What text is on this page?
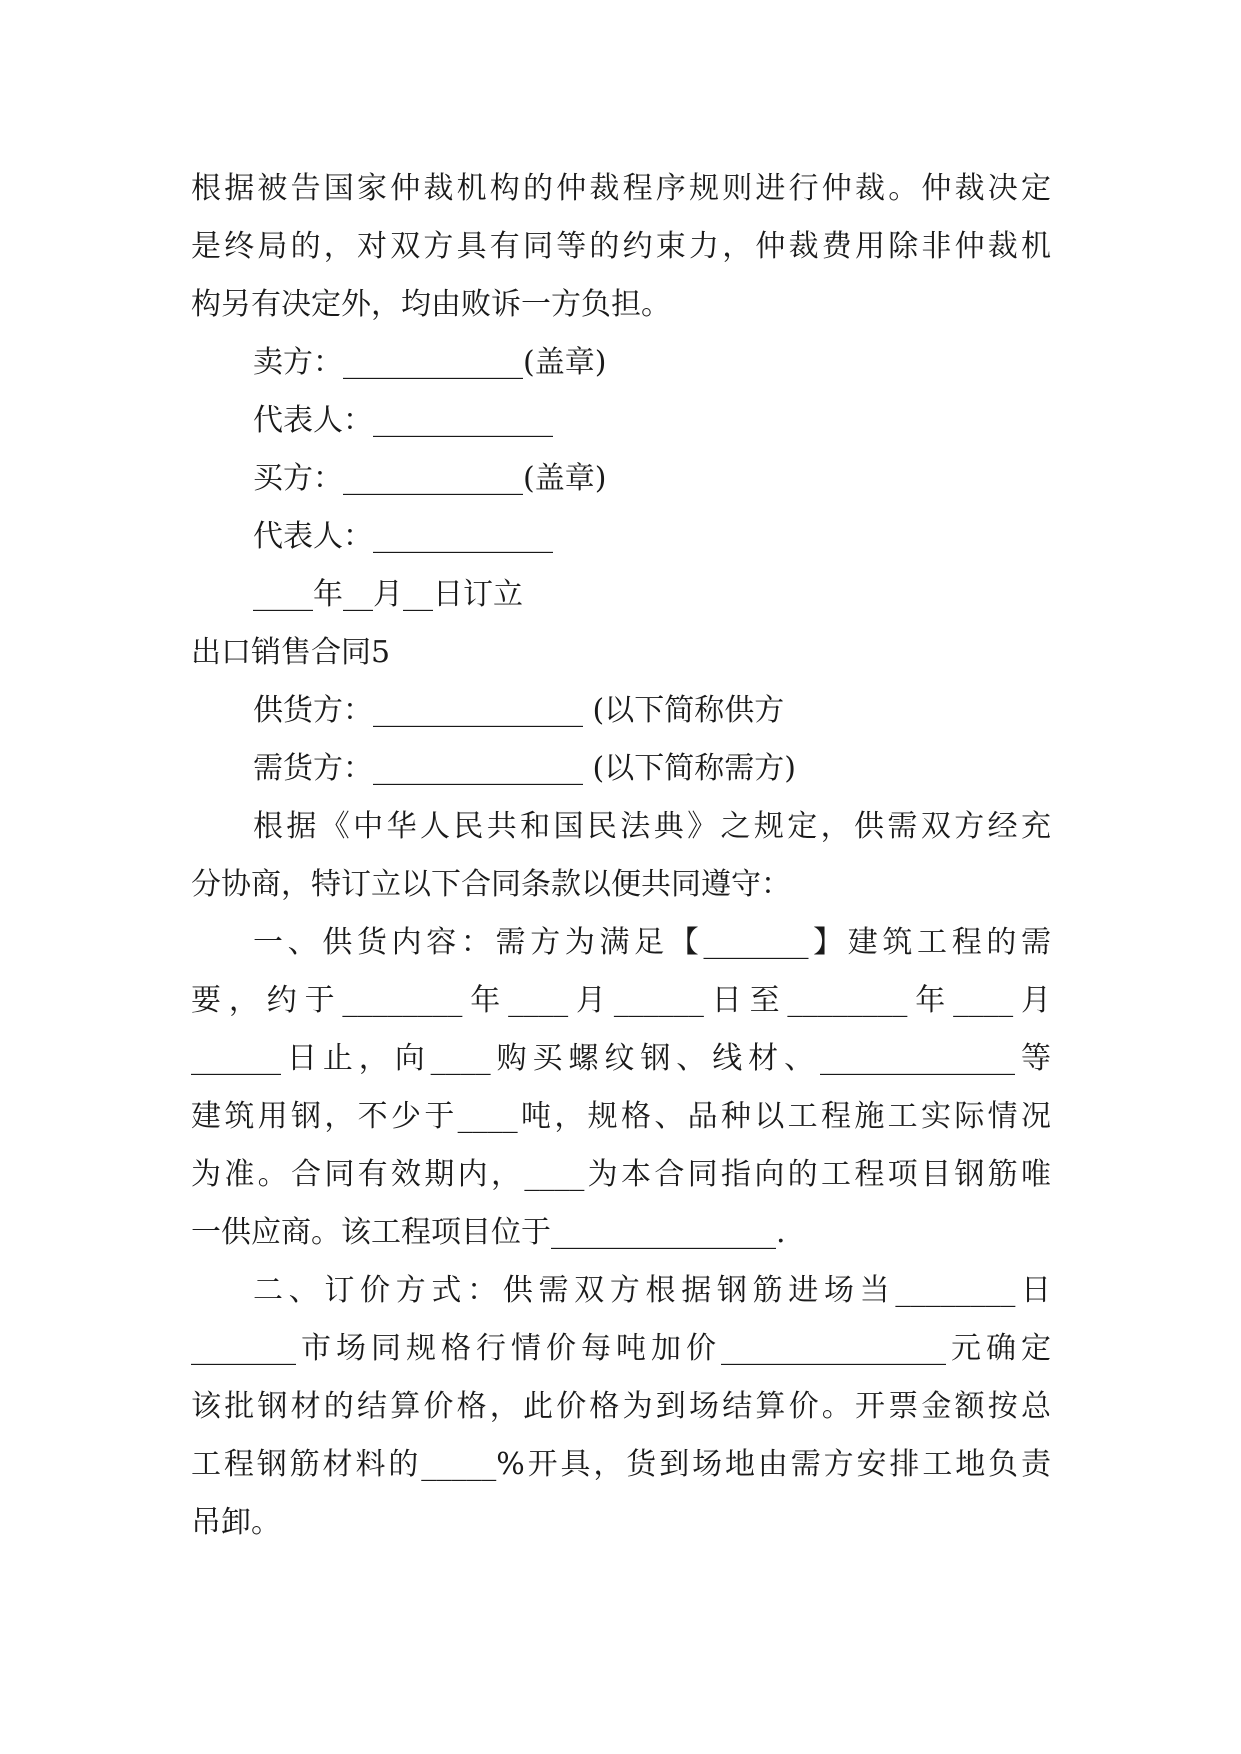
根据被告国家仲裁机构的仲裁程序规则进行仲裁。仲裁决定
是终局的，对双方具有同等的约束力，仲裁费用除非仲裁机
构另有决定外，均由败诉一方负担。
卖方：____________(盖章)
代表人：____________
买方：____________(盖章)
代表人：____________
____年__月__日订立
出口销售合同5
供货方：______________ (以下简称供方
需货方：______________ (以下简称需方)
根据《中华人民共和国民法典》之规定，供需双方经充
分协商，特订立以下合同条款以便共同遵守：
一、供货内容：需方为满足【_______】建筑工程的需
要，约于________年____月______日至________年____月
______日止，向____购买螺纹钢、线材、_____________等
建筑用钢，不少于____吨，规格、品种以工程施工实际情况
为准。合同有效期内，____为本合同指向的工程项目钢筋唯
一供应商。该工程项目位于_______________.
二、订价方式：供需双方根据钢筋进场当________日
_______市场同规格行情价每吨加价_______________元确定
该批钢材的结算价格，此价格为到场结算价。开票金额按总
工程钢筋材料的_____%开具，货到场地由需方安排工地负责
吊卸。
